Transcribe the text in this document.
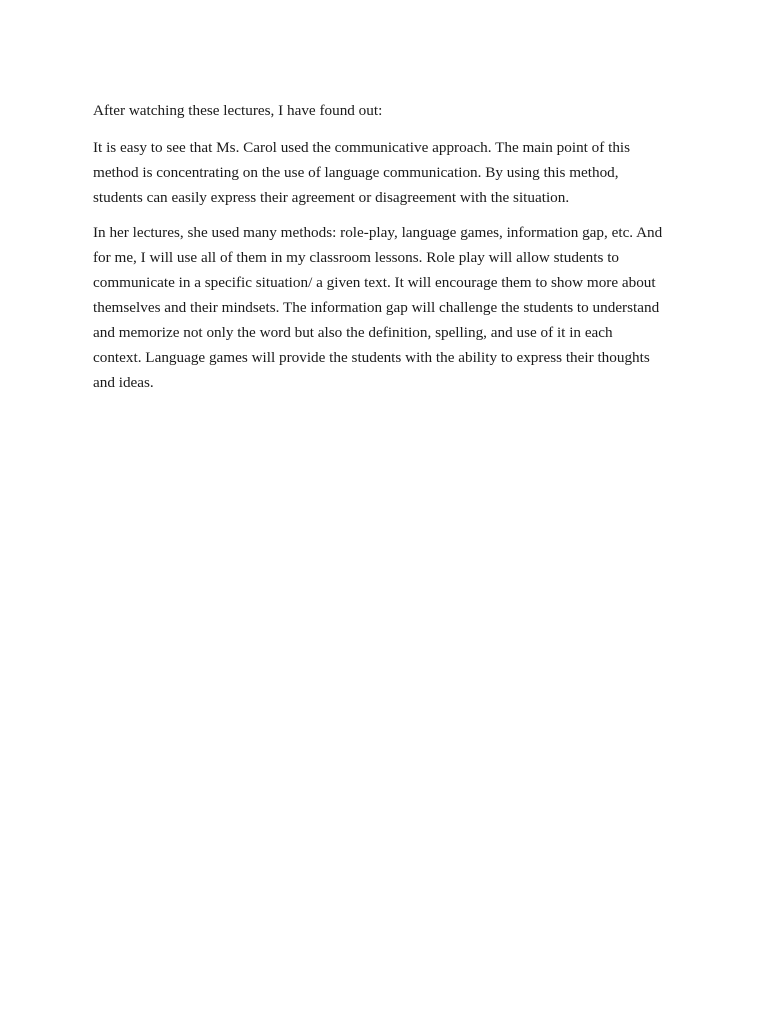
After watching these lectures, I have found out:

It is easy to see that Ms. Carol used the communicative approach. The main point of this
method is concentrating on the use of language communication. By using this method,
students can easily express their agreement or disagreement with the situation.

In her lectures, she used many methods: role-play, language games, information gap, etc. And
for me, I will use all of them in my classroom lessons. Role play will allow students to
communicate in a specific situation/ a given text. It will encourage them to show more about
themselves and their mindsets. The information gap will challenge the students to understand
and memorize not only the word but also the definition, spelling, and use of it in each
context. Language games will provide the students with the ability to express their thoughts
and ideas.
